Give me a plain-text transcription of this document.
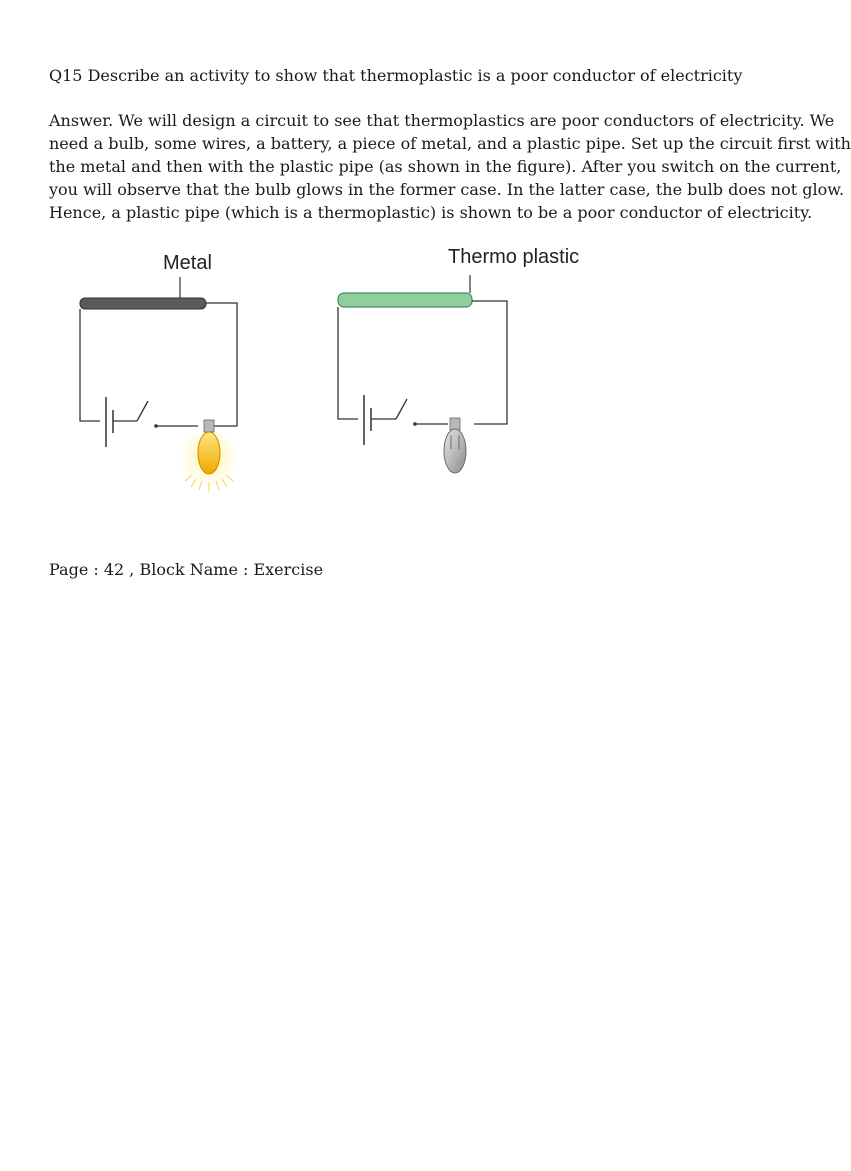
Q15 Describe an activity to show that thermoplastic is a poor conductor of electricity
Answer. We will design a circuit to see that thermoplastics are poor conductors of electricity. We
need a bulb, some wires, a battery, a piece of metal, and a plastic pipe. Set up the circuit first with
the metal and then with the plastic pipe (as shown in the figure). After you switch on the current,
you will observe that the bulb glows in the former case. In the latter case, the bulb does not glow.
Hence, a plastic pipe (which is a thermoplastic) is shown to be a poor conductor of electricity.
Metal	Thermo plastic
Page : 42 , Block Name : Exercise
